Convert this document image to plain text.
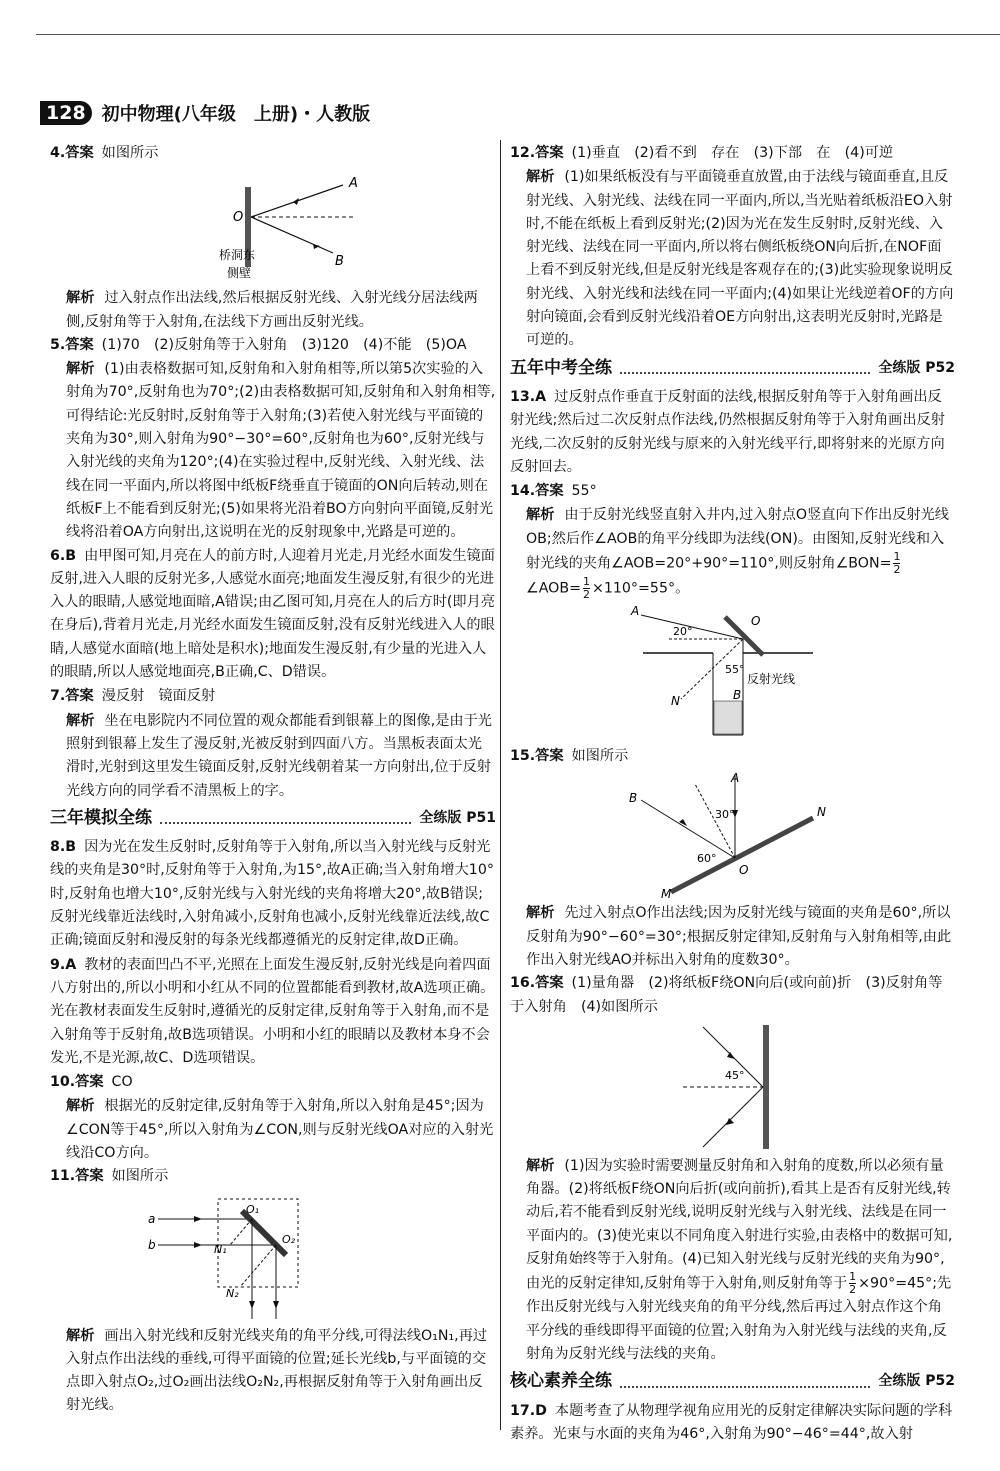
128 初中物理(八年级　上册)・人教版
4.答案 如图所示
A
O
B
桥洞东
侧壁
解析 过入射点作出法线,然后根据反射光线、入射光线分居法线两侧,反射角等于入射角,在法线下方画出反射光线。
5.答案 (1)70　(2)反射角等于入射角　(3)120　(4)不能　(5)OA
解析 (1)由表格数据可知,反射角和入射角相等,所以第5次实验的入射角为70°,反射角也为70°;(2)由表格数据可知,反射角和入射角相等,可得结论:光反射时,反射角等于入射角;(3)若使入射光线与平面镜的夹角为30°,则入射角为90°−30°=60°,反射角也为60°,反射光线与入射光线的夹角为120°;(4)在实验过程中,反射光线、入射光线、法线在同一平面内,所以将图中纸板F绕垂直于镜面的ON向后转动,则在纸板F上不能看到反射光;(5)如果将光沿着BO方向射向平面镜,反射光线将沿着OA方向射出,这说明在光的反射现象中,光路是可逆的。
6.B 由甲图可知,月亮在人的前方时,人迎着月光走,月光经水面发生镜面反射,进入人眼的反射光多,人感觉水面亮;地面发生漫反射,有很少的光进入人的眼睛,人感觉地面暗,A错误;由乙图可知,月亮在人的后方时(即月亮在身后),背着月光走,月光经水面发生镜面反射,没有反射光线进入人的眼睛,人感觉水面暗(地上暗处是积水);地面发生漫反射,有少量的光进入人的眼睛,所以人感觉地面亮,B正确,C、D错误。
7.答案 漫反射　镜面反射
解析 坐在电影院内不同位置的观众都能看到银幕上的图像,是由于光照射到银幕上发生了漫反射,光被反射到四面八方。当黑板表面太光滑时,光射到这里发生镜面反射,反射光线朝着某一方向射出,位于反射光线方向的同学看不清黑板上的字。
三年模拟全练	全练版 P51
8.B 因为光在发生反射时,反射角等于入射角,所以当入射光线与反射光线的夹角是30°时,反射角等于入射角,为15°,故A正确;当入射角增大10°时,反射角也增大10°,反射光线与入射光线的夹角将增大20°,故B错误;反射光线靠近法线时,入射角减小,反射角也减小,反射光线靠近法线,故C正确;镜面反射和漫反射的每条光线都遵循光的反射定律,故D正确。
9.A 教材的表面凹凸不平,光照在上面发生漫反射,反射光线是向着四面八方射出的,所以小明和小红从不同的位置都能看到教材,故A选项正确。光在教材表面发生反射时,遵循光的反射定律,反射角等于入射角,而不是入射角等于反射角,故B选项错误。小明和小红的眼睛以及教材本身不会发光,不是光源,故C、D选项错误。
10.答案 CO
解析 根据光的反射定律,反射角等于入射角,所以入射角是45°;因为∠CON等于45°,所以入射角为∠CON,则与反射光线OA对应的入射光线沿CO方向。
11.答案 如图所示
a
b
O₁
O₂
N₁
N₂
解析 画出入射光线和反射光线夹角的角平分线,可得法线O₁N₁,再过入射点作出法线的垂线,可得平面镜的位置;延长光线b,与平面镜的交点即入射点O₂,过O₂画出法线O₂N₂,再根据反射角等于入射角画出反射光线。
12.答案 (1)垂直　(2)看不到　存在　(3)下部　在　(4)可逆
解析 (1)如果纸板没有与平面镜垂直放置,由于法线与镜面垂直,且反射光线、入射光线、法线在同一平面内,所以,当光贴着纸板沿EO入射时,不能在纸板上看到反射光;(2)因为光在发生反射时,反射光线、入射光线、法线在同一平面内,所以将右侧纸板绕ON向后折,在NOF面上看不到反射光线,但是反射光线是客观存在的;(3)此实验现象说明反射光线、入射光线和法线在同一平面内;(4)如果让光线逆着OF的方向射向镜面,会看到反射光线沿着OE方向射出,这表明光反射时,光路是可逆的。
五年中考全练	全练版 P52
13.A 过反射点作垂直于反射面的法线,根据反射角等于入射角画出反射光线;然后过二次反射点作法线,仍然根据反射角等于入射角画出反射光线,二次反射的反射光线与原来的入射光线平行,即将射来的光原方向反射回去。
14.答案 55°
解析 由于反射光线竖直射入井内,过入射点O竖直向下作出反射光线OB;然后作∠AOB的角平分线即为法线(ON)。由图知,反射光线和入射光线的夹角∠AOB=20°+90°=110°,则反射角∠BON= $\frac{1}{2}$
∠AOB= $\frac{1}{2} \times 110^\circ=55^\circ$。
A
O
20°
55°
N	B
反射光线
15.答案 如图所示
A
B
N
M
O
30°
60°
解析 先过入射点O作出法线;因为反射光线与镜面的夹角是60°,所以反射角为90°−60°=30°;根据反射定律知,反射角与入射角相等,由此作出入射光线AO并标出入射角的度数30°。
16.答案 (1)量角器　(2)将纸板F绕ON向后(或向前)折　(3)反射角等于入射角　(4)如图所示
45°
解析 (1)因为实验时需要测量反射角和入射角的度数,所以必须有量角器。(2)将纸板F绕ON向后折(或向前折),看其上是否有反射光线,转动后,若不能看到反射光线,说明反射光线与入射光线、法线是在同一平面内的。(3)使光束以不同角度入射进行实验,由表格中的数据可知,反射角始终等于入射角。(4)已知入射光线与反射光线的夹角为90°,由光的反射定律知,反射角等于入射角,则反射角等于 $\frac{1}{2} \times 90^\circ=45^\circ$;先作出反射光线与入射光线夹角的角平分线,然后再过入射点作这个角平分线的垂线即得平面镜的位置;入射角为入射光线与法线的夹角,反射角为反射光线与法线的夹角。
核心素养全练	全练版 P52
17.D 本题考查了从物理学视角应用光的反射定律解决实际问题的学科素养。光束与水面的夹角为46°,入射角为90°−46°=44°,故入射
